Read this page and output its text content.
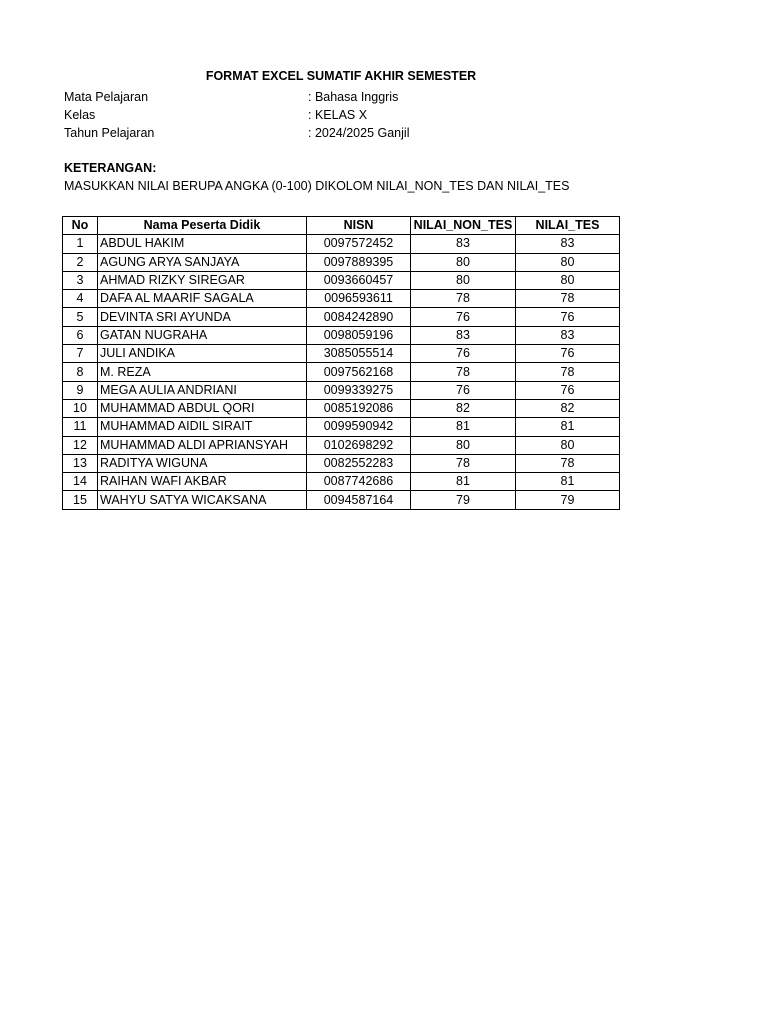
FORMAT EXCEL SUMATIF AKHIR SEMESTER
Mata Pelajaran	: Bahasa Inggris
Kelas	: KELAS X
Tahun Pelajaran	: 2024/2025 Ganjil
KETERANGAN:
MASUKKAN NILAI BERUPA ANGKA (0-100) DIKOLOM NILAI_NON_TES DAN NILAI_TES
No	Nama Peserta Didik	NISN	NILAI_NON_TES	NILAI_TES
1	ABDUL HAKIM	0097572452	83	83
2	AGUNG ARYA SANJAYA	0097889395	80	80
3	AHMAD RIZKY SIREGAR	0093660457	80	80
4	DAFA AL MAARIF SAGALA	0096593611	78	78
5	DEVINTA SRI AYUNDA	0084242890	76	76
6	GATAN NUGRAHA	0098059196	83	83
7	JULI ANDIKA	3085055514	76	76
8	M. REZA	0097562168	78	78
9	MEGA AULIA ANDRIANI	0099339275	76	76
10	MUHAMMAD ABDUL QORI	0085192086	82	82
11	MUHAMMAD AIDIL SIRAIT	0099590942	81	81
12	MUHAMMAD ALDI APRIANSYAH	0102698292	80	80
13	RADITYA WIGUNA	0082552283	78	78
14	RAIHAN WAFI AKBAR	0087742686	81	81
15	WAHYU SATYA WICAKSANA	0094587164	79	79
